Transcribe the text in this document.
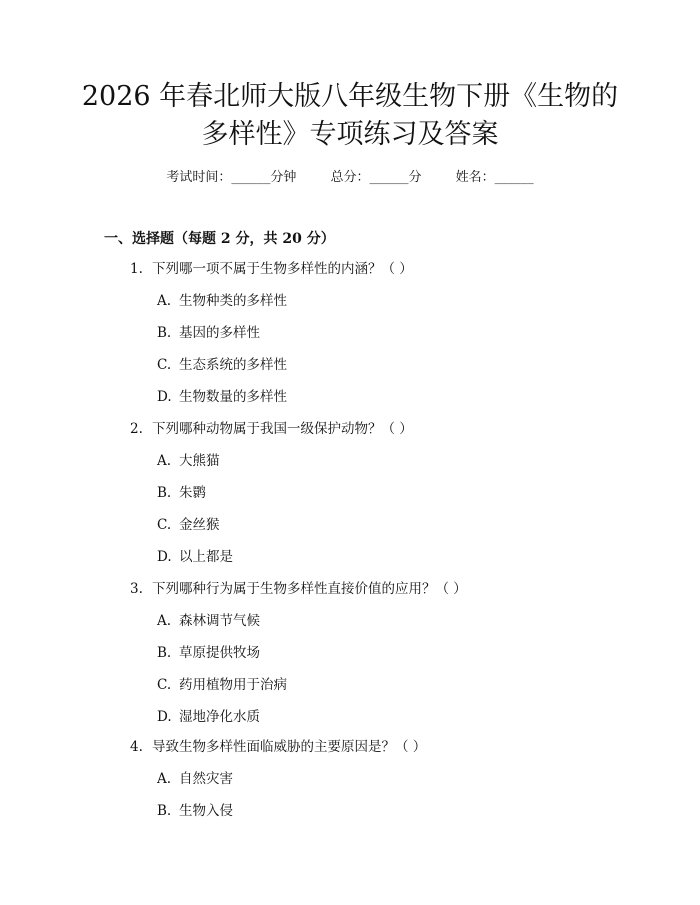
2026 年春北师大版八年级生物下册《生物的
多样性》专项练习及答案
考试时间：______分钟	总分：______分	姓名：______
一、选择题（每题 2 分，共 20 分）
1. 下列哪一项不属于生物多样性的内涵？（ ）
A. 生物种类的多样性
B. 基因的多样性
C. 生态系统的多样性
D. 生物数量的多样性
2. 下列哪种动物属于我国一级保护动物？（ ）
A. 大熊猫
B. 朱鹮
C. 金丝猴
D. 以上都是
3. 下列哪种行为属于生物多样性直接价值的应用？（ ）
A. 森林调节气候
B. 草原提供牧场
C. 药用植物用于治病
D. 湿地净化水质
4. 导致生物多样性面临威胁的主要原因是？（ ）
A. 自然灾害
B. 生物入侵
